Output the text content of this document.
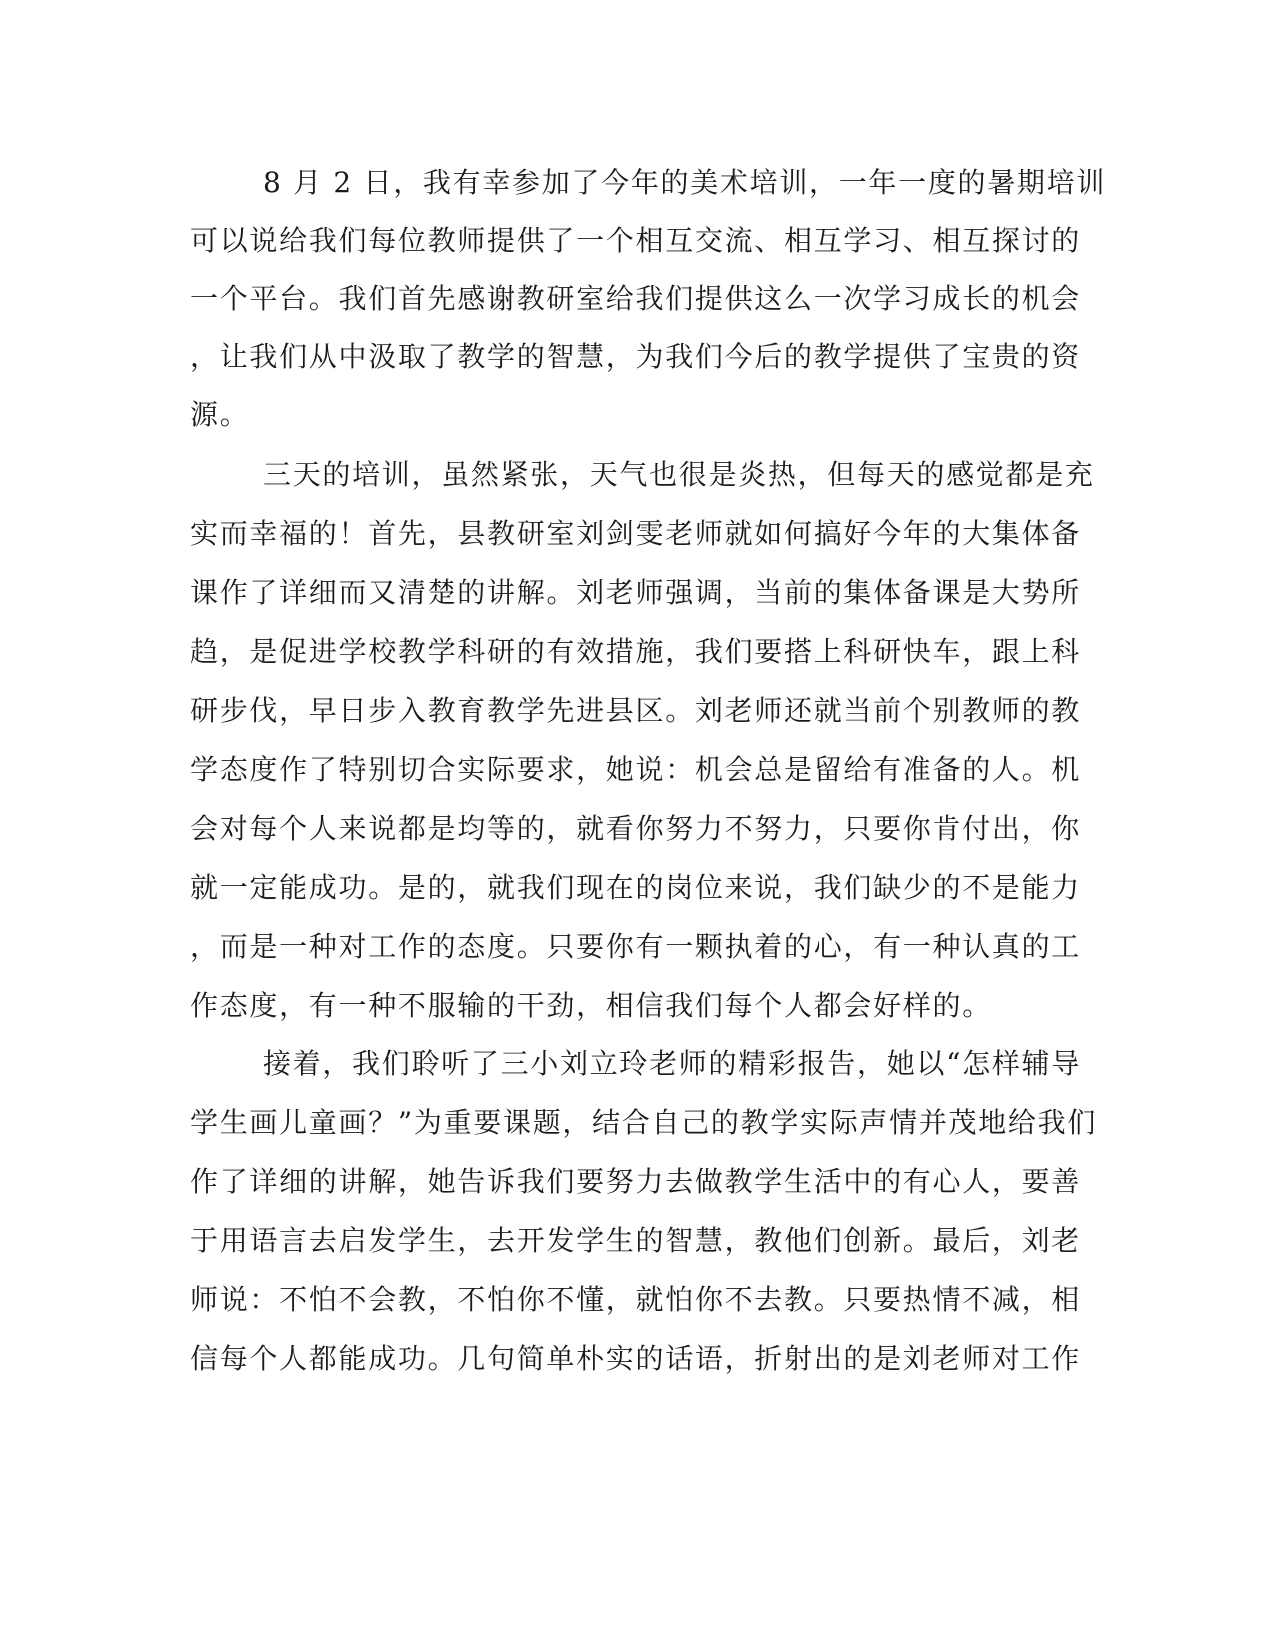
8 月 2 日，我有幸参加了今年的美术培训，一年一度的暑期培训
可以说给我们每位教师提供了一个相互交流、相互学习、相互探讨的
一个平台。我们首先感谢教研室给我们提供这么一次学习成长的机会
，让我们从中汲取了教学的智慧，为我们今后的教学提供了宝贵的资
源。
三天的培训，虽然紧张，天气也很是炎热，但每天的感觉都是充
实而幸福的！首先，县教研室刘剑雯老师就如何搞好今年的大集体备
课作了详细而又清楚的讲解。刘老师强调，当前的集体备课是大势所
趋，是促进学校教学科研的有效措施，我们要搭上科研快车，跟上科
研步伐，早日步入教育教学先进县区。刘老师还就当前个别教师的教
学态度作了特别切合实际要求，她说：机会总是留给有准备的人。机
会对每个人来说都是均等的，就看你努力不努力，只要你肯付出，你
就一定能成功。是的，就我们现在的岗位来说，我们缺少的不是能力
，而是一种对工作的态度。只要你有一颗执着的心，有一种认真的工
作态度，有一种不服输的干劲，相信我们每个人都会好样的。
接着，我们聆听了三小刘立玲老师的精彩报告，她以“怎样辅导
学生画儿童画？”为重要课题，结合自己的教学实际声情并茂地给我们
作了详细的讲解，她告诉我们要努力去做教学生活中的有心人，要善
于用语言去启发学生，去开发学生的智慧，教他们创新。最后，刘老
师说：不怕不会教，不怕你不懂，就怕你不去教。只要热情不减，相
信每个人都能成功。几句简单朴实的话语，折射出的是刘老师对工作
